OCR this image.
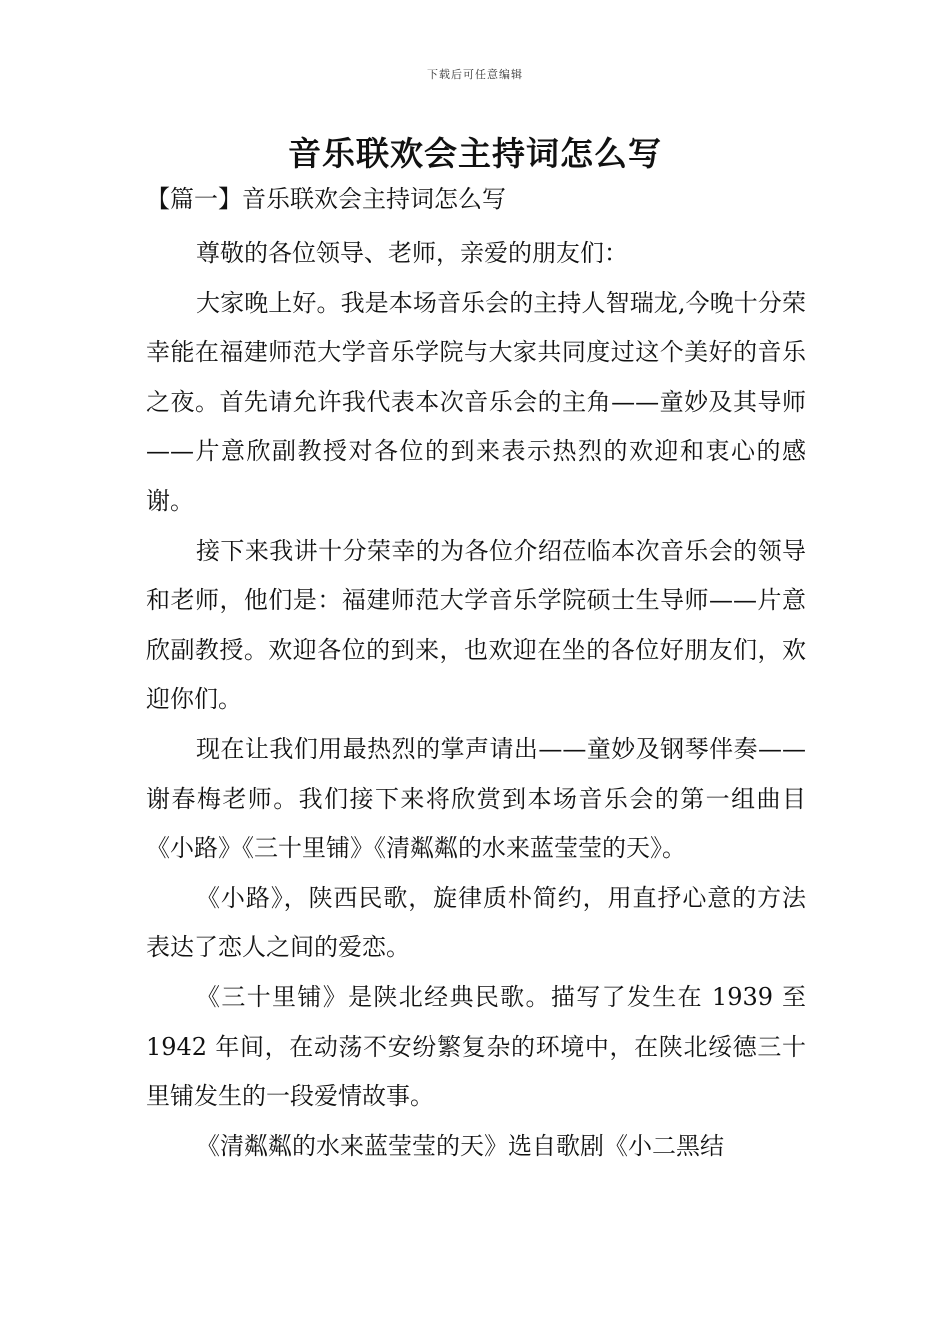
下载后可任意编辑
音乐联欢会主持词怎么写
【篇一】音乐联欢会主持词怎么写

尊敬的各位领导、老师，亲爱的朋友们：

大家晚上好。我是本场音乐会的主持人智瑞龙,今晚十分荣幸能在福建师范大学音乐学院与大家共同度过这个美好的音乐之夜。首先请允许我代表本次音乐会的主角——童妙及其导师——片意欣副教授对各位的到来表示热烈的欢迎和衷心的感谢。

接下来我讲十分荣幸的为各位介绍莅临本次音乐会的领导和老师，他们是：福建师范大学音乐学院硕士生导师——片意欣副教授。欢迎各位的到来，也欢迎在坐的各位好朋友们，欢迎你们。

现在让我们用最热烈的掌声请出——童妙及钢琴伴奏——谢春梅老师。我们接下来将欣赏到本场音乐会的第一组曲目《小路》《三十里铺》《清粼粼的水来蓝莹莹的天》。

《小路》，陕西民歌，旋律质朴简约，用直抒心意的方法表达了恋人之间的爱恋。

《三十里铺》是陕北经典民歌。描写了发生在 1939 至 1942 年间，在动荡不安纷繁复杂的环境中，在陕北绥德三十里铺发生的一段爱情故事。

《清粼粼的水来蓝莹莹的天》选自歌剧《小二黑结
